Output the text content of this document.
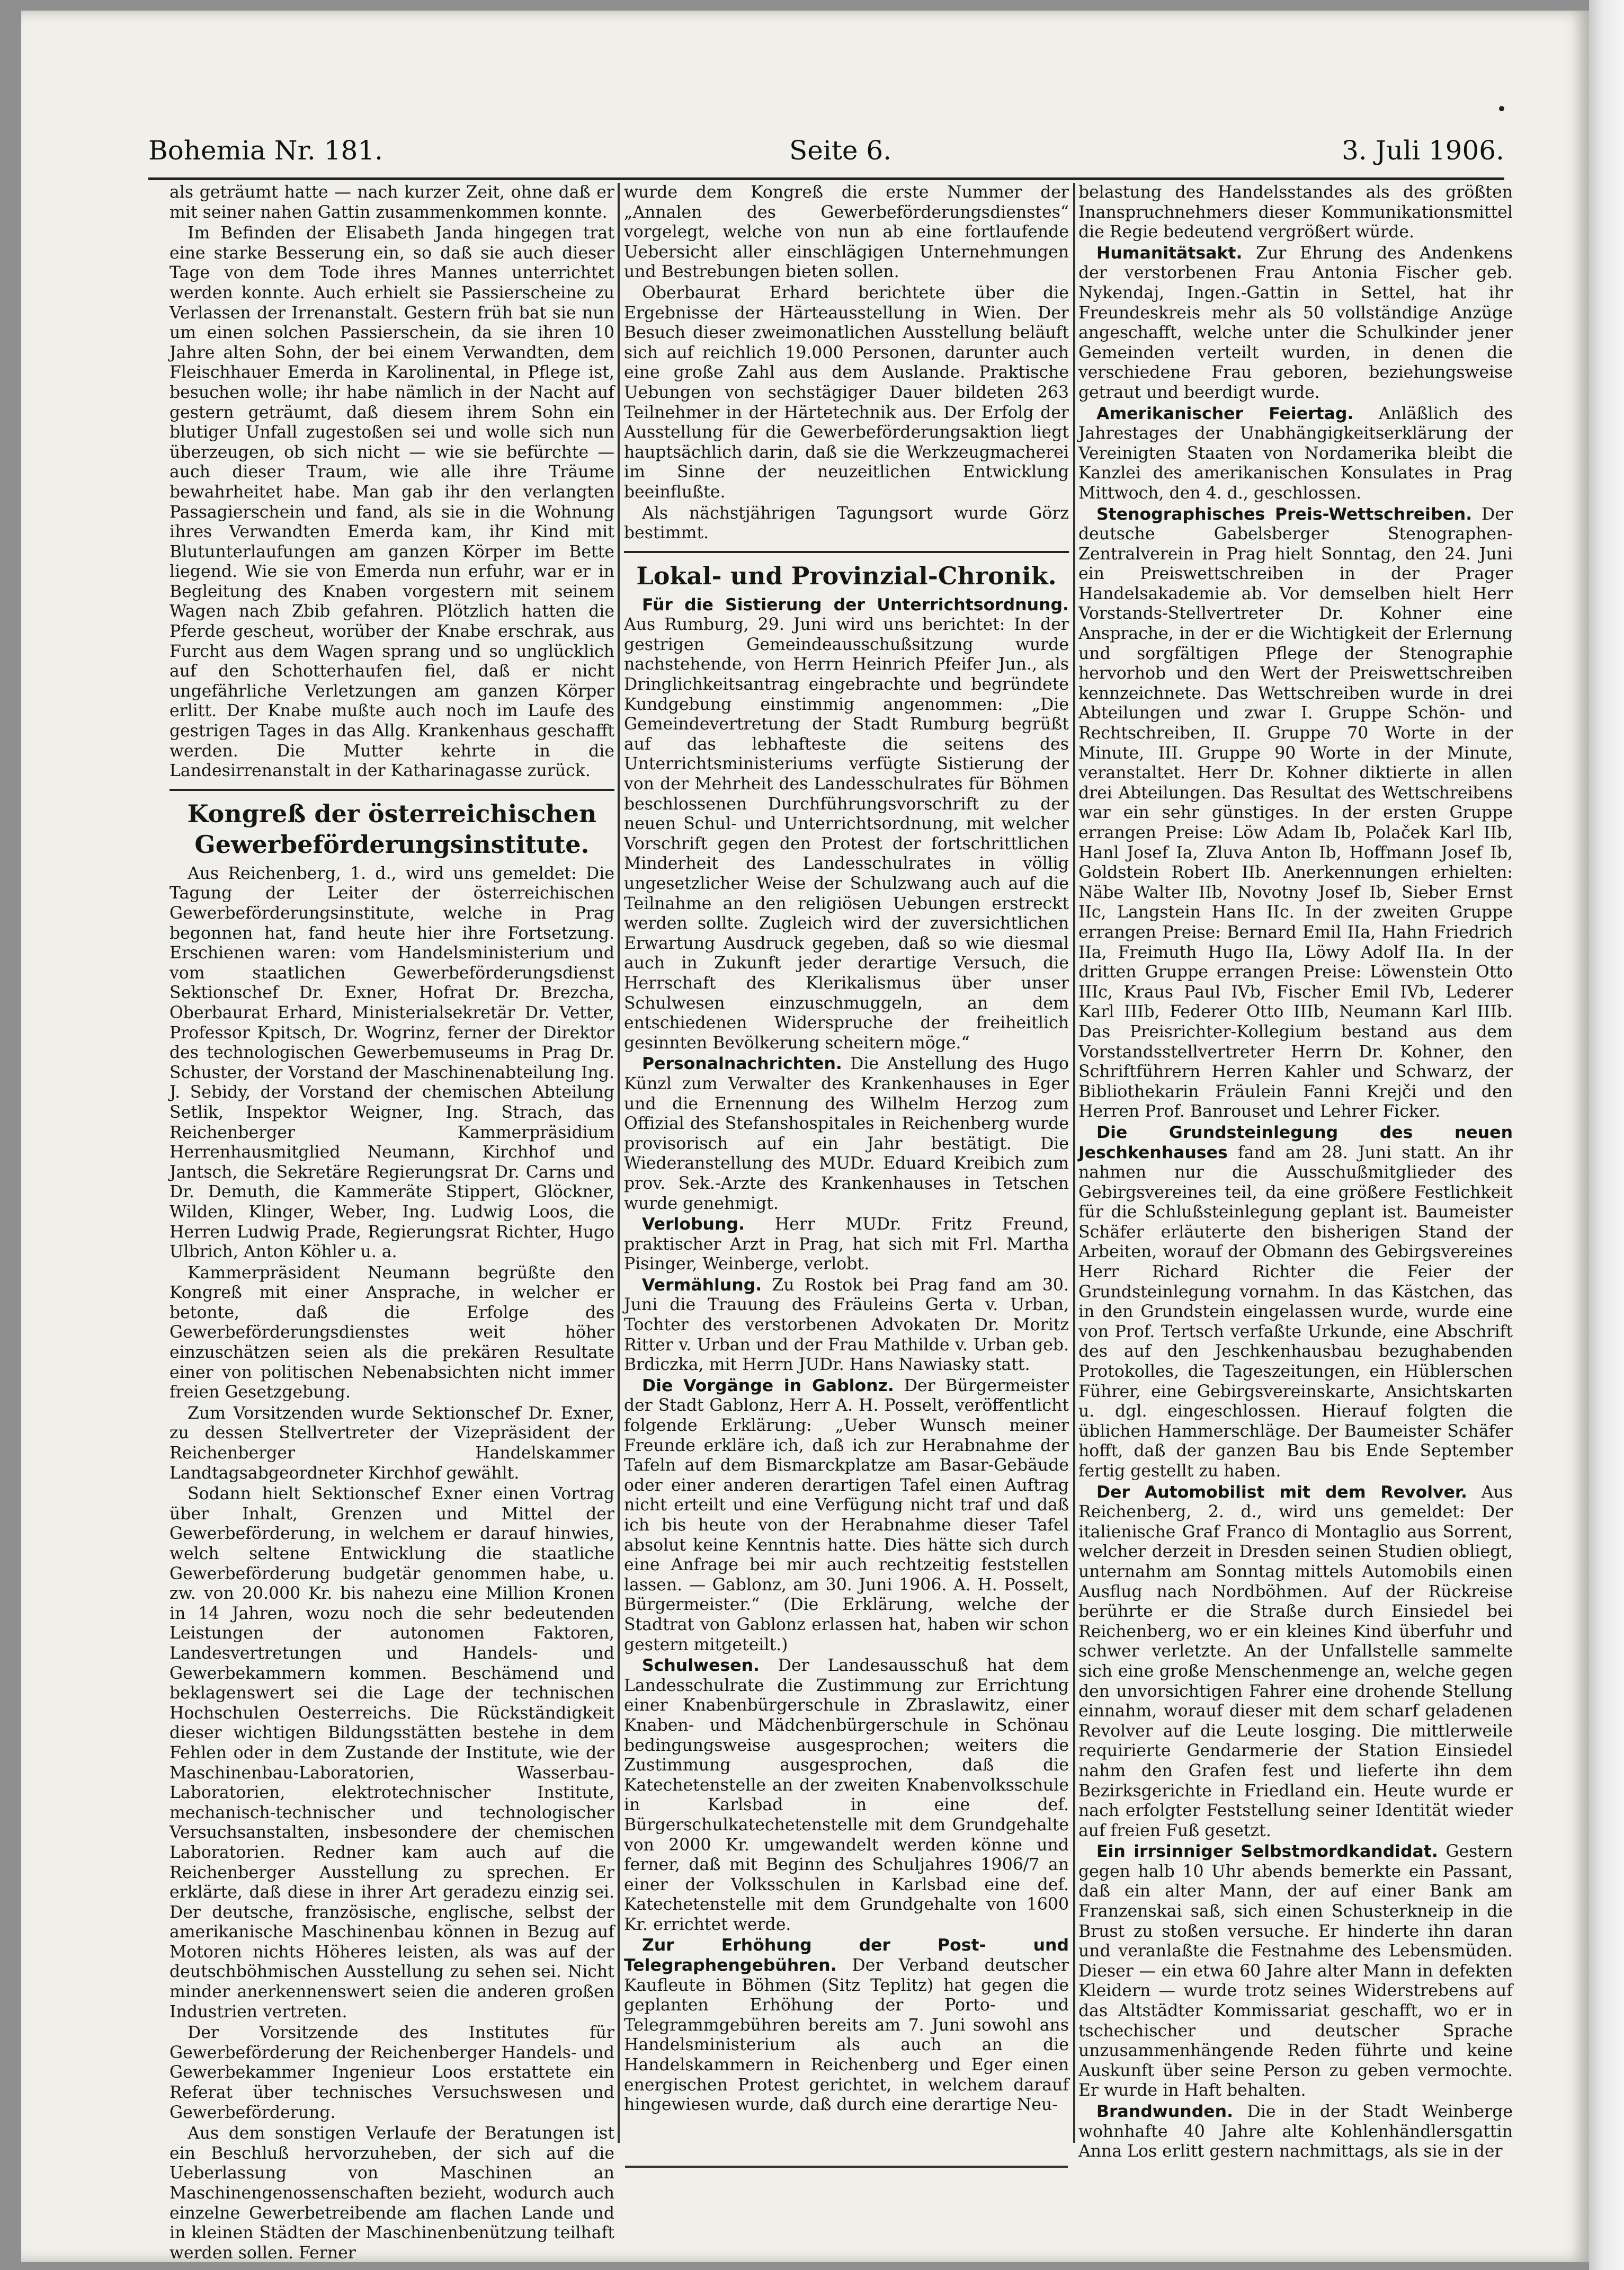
Bohemia Nr. 181.	Seite 6.	3. Juli 1906.

als geträumt hatte — nach kurzer Zeit, ohne daß er mit seiner nahen Gattin zusammenkommen konnte.

Im Befinden der Elisabeth Janda hingegen trat eine starke Besserung ein, so daß sie auch dieser Tage von dem Tode ihres Mannes unterrichtet werden konnte. Auch erhielt sie Passierscheine zu Verlassen der Irrenanstalt. Gestern früh bat sie nun um einen solchen Passierschein, da sie ihren 10 Jahre alten Sohn, der bei einem Verwandten, dem Fleischhauer Emerda in Karolinental, in Pflege ist, besuchen wolle; ihr habe nämlich in der Nacht auf gestern geträumt, daß diesem ihrem Sohn ein blutiger Unfall zugestoßen sei und wolle sich nun überzeugen, ob sich nicht — wie sie befürchte — auch dieser Traum, wie alle ihre Träume bewahrheitet habe. Man gab ihr den verlangten Passagierschein und fand, als sie in die Wohnung ihres Verwandten Emerda kam, ihr Kind mit Blutunterlaufungen am ganzen Körper im Bette liegend. Wie sie von Emerda nun erfuhr, war er in Begleitung des Knaben vorgestern mit seinem Wagen nach Zbib gefahren. Plötzlich hatten die Pferde gescheut, worüber der Knabe erschrak, aus Furcht aus dem Wagen sprang und so unglücklich auf den Schotterhaufen fiel, daß er nicht ungefährliche Verletzungen am ganzen Körper erlitt. Der Knabe mußte auch noch im Laufe des gestrigen Tages in das Allg. Krankenhaus geschafft werden. Die Mutter kehrte in die Landesirrenanstalt in der Katharinagasse zurück.

Kongreß der österreichischen Gewerbeförderungsinstitute.

Aus Reichenberg, 1. d., wird uns gemeldet: Die Tagung der Leiter der österreichischen Gewerbeförderungsinstitute, welche in Prag begonnen hat, fand heute hier ihre Fortsetzung. Erschienen waren: vom Handelsministerium und vom staatlichen Gewerbeförderungsdienst Sektionschef Dr. Exner, Hofrat Dr. Brezcha, Oberbaurat Erhard, Ministerialsekretär Dr. Vetter, Professor Kpitsch, Dr. Wogrinz, ferner der Direktor des technologischen Gewerbemuseums in Prag Dr. Schuster, der Vorstand der Maschinenabteilung Ing. J. Sebidy, der Vorstand der chemischen Abteilung Setlik, Inspektor Weigner, Ing. Strach, das Reichenberger Kammerpräsidium Herrenhausmitglied Neumann, Kirchhof und Jantsch, die Sekretäre Regierungsrat Dr. Carns und Dr. Demuth, die Kammeräte Stippert, Glöckner, Wilden, Klinger, Weber, Ing. Ludwig Loos, die Herren Ludwig Prade, Regierungsrat Richter, Hugo Ulbrich, Anton Köhler u. a.

Kammerpräsident Neumann begrüßte den Kongreß mit einer Ansprache, in welcher er betonte, daß die Erfolge des Gewerbeförderungsdienstes weit höher einzuschätzen seien als die prekären Resultate einer von politischen Nebenabsichten nicht immer freien Gesetzgebung.

Zum Vorsitzenden wurde Sektionschef Dr. Exner, zu dessen Stellvertreter der Vizepräsident der Reichenberger Handelskammer Landtagsabgeordneter Kirchhof gewählt.

Sodann hielt Sektionschef Exner einen Vortrag über Inhalt, Grenzen und Mittel der Gewerbeförderung, in welchem er darauf hinwies, welch seltene Entwicklung die staatliche Gewerbeförderung budgetär genommen habe, u. zw. von 20.000 Kr. bis nahezu eine Million Kronen in 14 Jahren, wozu noch die sehr bedeutenden Leistungen der autonomen Faktoren, Landesvertretungen und Handels- und Gewerbekammern kommen. Beschämend und beklagenswert sei die Lage der technischen Hochschulen Oesterreichs. Die Rückständigkeit dieser wichtigen Bildungsstätten bestehe in dem Fehlen oder in dem Zustande der Institute, wie der Maschinenbau-Laboratorien, Wasserbau-Laboratorien, elektrotechnischer Institute, mechanisch-technischer und technologischer Versuchsanstalten, insbesondere der chemischen Laboratorien. Redner kam auch auf die Reichenberger Ausstellung zu sprechen. Er erklärte, daß diese in ihrer Art geradezu einzig sei. Der deutsche, französische, englische, selbst der amerikanische Maschinenbau können in Bezug auf Motoren nichts Höheres leisten, als was auf der deutschböhmischen Ausstellung zu sehen sei. Nicht minder anerkennenswert seien die anderen großen Industrien vertreten.

Der Vorsitzende des Institutes für Gewerbeförderung der Reichenberger Handels- und Gewerbekammer Ingenieur Loos erstattete ein Referat über technisches Versuchswesen und Gewerbeförderung.

Aus dem sonstigen Verlaufe der Beratungen ist ein Beschluß hervorzuheben, der sich auf die Ueberlassung von Maschinen an Maschinengenossenschaften bezieht, wodurch auch einzelne Gewerbetreibende am flachen Lande und in kleinen Städten der Maschinenbenützung teilhaft werden sollen. Ferner

wurde dem Kongreß die erste Nummer der „Annalen des Gewerbeförderungsdienstes“ vorgelegt, welche von nun ab eine fortlaufende Uebersicht aller einschlägigen Unternehmungen und Bestrebungen bieten sollen.

Oberbaurat Erhard berichtete über die Ergebnisse der Härteausstellung in Wien. Der Besuch dieser zweimonatlichen Ausstellung beläuft sich auf reichlich 19.000 Personen, darunter auch eine große Zahl aus dem Auslande. Praktische Uebungen von sechstägiger Dauer bildeten 263 Teilnehmer in der Härtetechnik aus. Der Erfolg der Ausstellung für die Gewerbeförderungsaktion liegt hauptsächlich darin, daß sie die Werkzeugmacherei im Sinne der neuzeitlichen Entwicklung beeinflußte.

Als nächstjährigen Tagungsort wurde Görz bestimmt.

Lokal- und Provinzial-Chronik.

Für die Sistierung der Unterrichtsordnung. Aus Rumburg, 29. Juni wird uns berichtet: In der gestrigen Gemeindeausschußsitzung wurde nachstehende, von Herrn Heinrich Pfeifer Jun., als Dringlichkeitsantrag eingebrachte und begründete Kundgebung einstimmig angenommen: „Die Gemeindevertretung der Stadt Rumburg begrüßt auf das lebhafteste die seitens des Unterrichtsministeriums verfügte Sistierung der von der Mehrheit des Landesschulrates für Böhmen beschlossenen Durchführungsvorschrift zu der neuen Schul- und Unterrichtsordnung, mit welcher Vorschrift gegen den Protest der fortschrittlichen Minderheit des Landesschulrates in völlig ungesetzlicher Weise der Schulzwang auch auf die Teilnahme an den religiösen Uebungen erstreckt werden sollte. Zugleich wird der zuversichtlichen Erwartung Ausdruck gegeben, daß so wie diesmal auch in Zukunft jeder derartige Versuch, die Herrschaft des Klerikalismus über unser Schulwesen einzuschmuggeln, an dem entschiedenen Widerspruche der freiheitlich gesinnten Bevölkerung scheitern möge.“

Personalnachrichten. Die Anstellung des Hugo Künzl zum Verwalter des Krankenhauses in Eger und die Ernennung des Wilhelm Herzog zum Offizial des Stefanshospitales in Reichenberg wurde provisorisch auf ein Jahr bestätigt. Die Wiederanstellung des MUDr. Eduard Kreibich zum prov. Sek.-Arzte des Krankenhauses in Tetschen wurde genehmigt.

Verlobung. Herr MUDr. Fritz Freund, praktischer Arzt in Prag, hat sich mit Frl. Martha Pisinger, Weinberge, verlobt.

Vermählung. Zu Rostok bei Prag fand am 30. Juni die Trauung des Fräuleins Gerta v. Urban, Tochter des verstorbenen Advokaten Dr. Moritz Ritter v. Urban und der Frau Mathilde v. Urban geb. Brdiczka, mit Herrn JUDr. Hans Nawiasky statt.

Die Vorgänge in Gablonz. Der Bürgermeister der Stadt Gablonz, Herr A. H. Posselt, veröffentlicht folgende Erklärung: „Ueber Wunsch meiner Freunde erkläre ich, daß ich zur Herabnahme der Tafeln auf dem Bismarckplatze am Basar-Gebäude oder einer anderen derartigen Tafel einen Auftrag nicht erteilt und eine Verfügung nicht traf und daß ich bis heute von der Herabnahme dieser Tafel absolut keine Kenntnis hatte. Dies hätte sich durch eine Anfrage bei mir auch rechtzeitig feststellen lassen. — Gablonz, am 30. Juni 1906. A. H. Posselt, Bürgermeister.“ (Die Erklärung, welche der Stadtrat von Gablonz erlassen hat, haben wir schon gestern mitgeteilt.)

Schulwesen. Der Landesausschuß hat dem Landesschulrate die Zustimmung zur Errichtung einer Knabenbürgerschule in Zbraslawitz, einer Knaben- und Mädchenbürgerschule in Schönau bedingungsweise ausgesprochen; weiters die Zustimmung ausgesprochen, daß die Katechetenstelle an der zweiten Knabenvolksschule in Karlsbad in eine def. Bürgerschulkatechetenstelle mit dem Grundgehalte von 2000 Kr. umgewandelt werden könne und ferner, daß mit Beginn des Schuljahres 1906/7 an einer der Volksschulen in Karlsbad eine def. Katechetenstelle mit dem Grundgehalte von 1600 Kr. errichtet werde.

Zur Erhöhung der Post- und Telegraphengebühren. Der Verband deutscher Kaufleute in Böhmen (Sitz Teplitz) hat gegen die geplanten Erhöhung der Porto- und Telegrammgebühren bereits am 7. Juni sowohl ans Handelsministerium als auch an die Handelskammern in Reichenberg und Eger einen energischen Protest gerichtet, in welchem darauf hingewiesen wurde, daß durch eine derartige Neu-

belastung des Handelsstandes als des größten Inanspruchnehmers dieser Kommunikationsmittel die Regie bedeutend vergrößert würde.

Humanitätsakt. Zur Ehrung des Andenkens der verstorbenen Frau Antonia Fischer geb. Nykendaj, Ingen.-Gattin in Settel, hat ihr Freundeskreis mehr als 50 vollständige Anzüge angeschafft, welche unter die Schulkinder jener Gemeinden verteilt wurden, in denen die verschiedene Frau geboren, beziehungsweise getraut und beerdigt wurde.

Amerikanischer Feiertag. Anläßlich des Jahrestages der Unabhängigkeitserklärung der Vereinigten Staaten von Nordamerika bleibt die Kanzlei des amerikanischen Konsulates in Prag Mittwoch, den 4. d., geschlossen.

Stenographisches Preis-Wettschreiben. Der deutsche Gabelsberger Stenographen-Zentralverein in Prag hielt Sonntag, den 24. Juni ein Preiswettschreiben in der Prager Handelsakademie ab. Vor demselben hielt Herr Vorstands-Stellvertreter Dr. Kohner eine Ansprache, in der er die Wichtigkeit der Erlernung und sorgfältigen Pflege der Stenographie hervorhob und den Wert der Preiswettschreiben kennzeichnete. Das Wettschreiben wurde in drei Abteilungen und zwar I. Gruppe Schön- und Rechtschreiben, II. Gruppe 70 Worte in der Minute, III. Gruppe 90 Worte in der Minute, veranstaltet. Herr Dr. Kohner diktierte in allen drei Abteilungen. Das Resultat des Wettschreibens war ein sehr günstiges. In der ersten Gruppe errangen Preise: Löw Adam Ib, Polaček Karl IIb, Hanl Josef Ia, Zluva Anton Ib, Hoffmann Josef Ib, Goldstein Robert IIb. Anerkennungen erhielten: Näbe Walter IIb, Novotny Josef Ib, Sieber Ernst IIc, Langstein Hans IIc. In der zweiten Gruppe errangen Preise: Bernard Emil IIa, Hahn Friedrich IIa, Freimuth Hugo IIa, Löwy Adolf IIa. In der dritten Gruppe errangen Preise: Löwenstein Otto IIIc, Kraus Paul IVb, Fischer Emil IVb, Lederer Karl IIIb, Federer Otto IIIb, Neumann Karl IIIb. Das Preisrichter-Kollegium bestand aus dem Vorstandsstellvertreter Herrn Dr. Kohner, den Schriftführern Herren Kahler und Schwarz, der Bibliothekarin Fräulein Fanni Krejči und den Herren Prof. Banrouset und Lehrer Ficker.

Die Grundsteinlegung des neuen Jeschkenhauses fand am 28. Juni statt. An ihr nahmen nur die Ausschußmitglieder des Gebirgsvereines teil, da eine größere Festlichkeit für die Schlußsteinlegung geplant ist. Baumeister Schäfer erläuterte den bisherigen Stand der Arbeiten, worauf der Obmann des Gebirgsvereines Herr Richard Richter die Feier der Grundsteinlegung vornahm. In das Kästchen, das in den Grundstein eingelassen wurde, wurde eine von Prof. Tertsch verfaßte Urkunde, eine Abschrift des auf den Jeschkenhausbau bezughabenden Protokolles, die Tageszeitungen, ein Hüblerschen Führer, eine Gebirgsvereinskarte, Ansichtskarten u. dgl. eingeschlossen. Hierauf folgten die üblichen Hammerschläge. Der Baumeister Schäfer hofft, daß der ganzen Bau bis Ende September fertig gestellt zu haben.

Der Automobilist mit dem Revolver. Aus Reichenberg, 2. d., wird uns gemeldet: Der italienische Graf Franco di Montaglio aus Sorrent, welcher derzeit in Dresden seinen Studien obliegt, unternahm am Sonntag mittels Automobils einen Ausflug nach Nordböhmen. Auf der Rückreise berührte er die Straße durch Einsiedel bei Reichenberg, wo er ein kleines Kind überfuhr und schwer verletzte. An der Unfallstelle sammelte sich eine große Menschenmenge an, welche gegen den unvorsichtigen Fahrer eine drohende Stellung einnahm, worauf dieser mit dem scharf geladenen Revolver auf die Leute losging. Die mittlerweile requirierte Gendarmerie der Station Einsiedel nahm den Grafen fest und lieferte ihn dem Bezirksgerichte in Friedland ein. Heute wurde er nach erfolgter Feststellung seiner Identität wieder auf freien Fuß gesetzt.

Ein irrsinniger Selbstmordkandidat. Gestern gegen halb 10 Uhr abends bemerkte ein Passant, daß ein alter Mann, der auf einer Bank am Franzenskai saß, sich einen Schusterkneip in die Brust zu stoßen versuche. Er hinderte ihn daran und veranlaßte die Festnahme des Lebensmüden. Dieser — ein etwa 60 Jahre alter Mann in defekten Kleidern — wurde trotz seines Widerstrebens auf das Altstädter Kommissariat geschafft, wo er in tschechischer und deutscher Sprache unzusammenhängende Reden führte und keine Auskunft über seine Person zu geben vermochte. Er wurde in Haft behalten.

Brandwunden. Die in der Stadt Weinberge wohnhafte 40 Jahre alte Kohlenhändlersgattin Anna Los erlitt gestern nachmittags, als sie in der
